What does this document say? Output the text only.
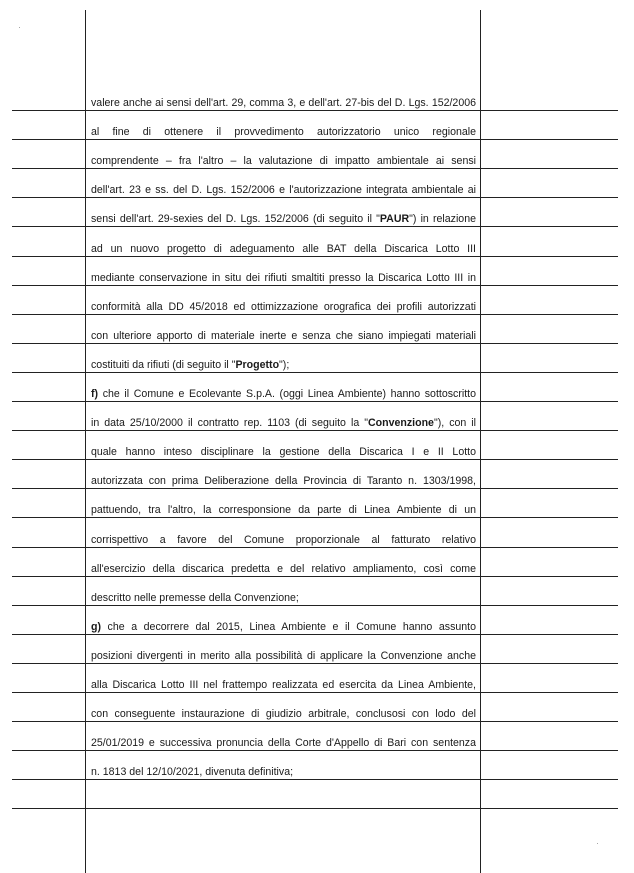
valere anche ai sensi dell'art. 29, comma 3, e dell'art. 27-bis del D. Lgs. 152/2006
al fine di ottenere il provvedimento autorizzatorio unico regionale
comprendente – fra l'altro – la valutazione di impatto ambientale ai sensi
dell'art. 23 e ss. del D. Lgs. 152/2006 e l'autorizzazione integrata ambientale ai
sensi dell'art. 29-sexies del D. Lgs. 152/2006 (di seguito il "PAUR") in relazione
ad un nuovo progetto di adeguamento alle BAT della Discarica Lotto III
mediante conservazione in situ dei rifiuti smaltiti presso la Discarica Lotto III in
conformità alla DD 45/2018 ed ottimizzazione orografica dei profili autorizzati
con ulteriore apporto di materiale inerte e senza che siano impiegati materiali
costituiti da rifiuti (di seguito il "Progetto");
f) che il Comune e Ecolevante S.p.A. (oggi Linea Ambiente) hanno sottoscritto
in data 25/10/2000 il contratto rep. 1103 (di seguito la "Convenzione"), con il
quale hanno inteso disciplinare la gestione della Discarica I e II Lotto
autorizzata con prima Deliberazione della Provincia di Taranto n. 1303/1998,
pattuendo, tra l'altro, la corresponsione da parte di Linea Ambiente di un
corrispettivo a favore del Comune proporzionale al fatturato relativo
all'esercizio della discarica predetta e del relativo ampliamento, così come
descritto nelle premesse della Convenzione;
g) che a decorrere dal 2015, Linea Ambiente e il Comune hanno assunto
posizioni divergenti in merito alla possibilità di applicare la Convenzione anche
alla Discarica Lotto III nel frattempo realizzata ed esercita da Linea Ambiente,
con conseguente instaurazione di giudizio arbitrale, conclusosi con lodo del
25/01/2019 e successiva pronuncia della Corte d'Appello di Bari con sentenza
n. 1813 del 12/10/2021, divenuta definitiva;
·
·
